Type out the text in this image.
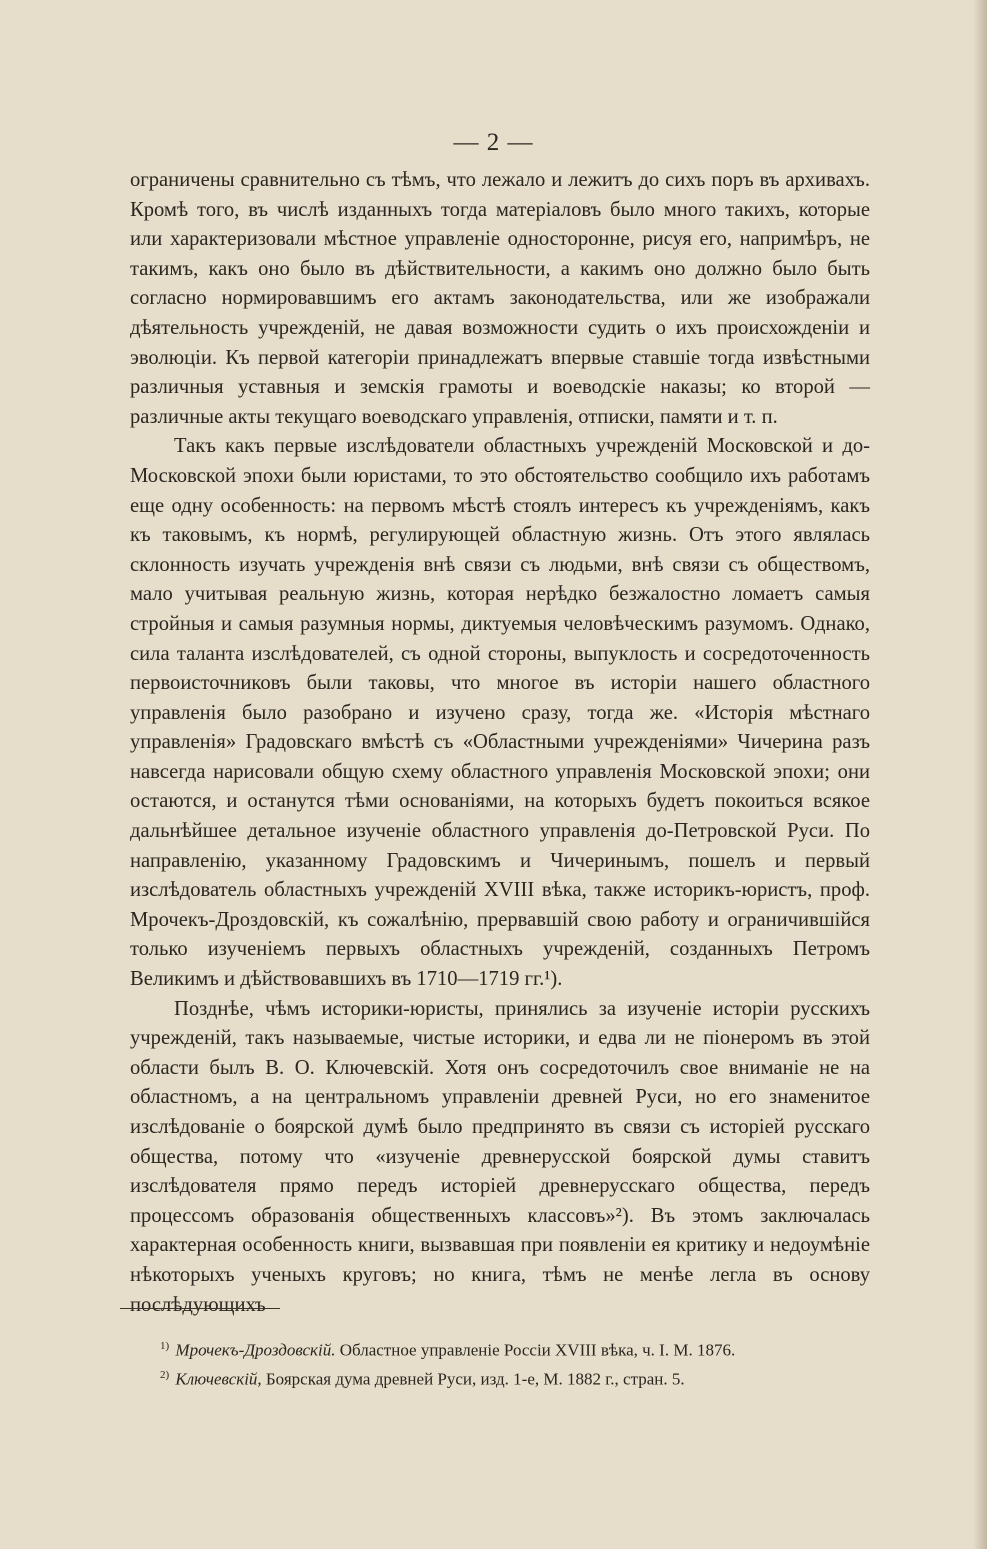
— 2 —

ограничены сравнительно съ тѣмъ, что лежало и лежитъ до сихъ поръ въ архивахъ. Кромѣ того, въ числѣ изданныхъ тогда матеріаловъ было много такихъ, которые или характеризовали мѣстное управленіе односторонне, рисуя его, напримѣръ, не такимъ, какъ оно было въ дѣйствительности, а какимъ оно должно было быть согласно нормировавшимъ его актамъ законодательства, или же изображали дѣятельность учрежденій, не давая возможности судить о ихъ происхожденіи и эволюціи. Къ первой категоріи принадлежатъ впервые ставшіе тогда извѣстными различныя уставныя и земскія грамоты и воеводскіе наказы; ко второй — различные акты текущаго воеводскаго управленія, отписки, памяти и т. п.

Такъ какъ первые изслѣдователи областныхъ учрежденій Московской и до-Московской эпохи были юристами, то это обстоятельство сообщило ихъ работамъ еще одну особенность: на первомъ мѣстѣ стоялъ интересъ къ учрежденіямъ, какъ къ таковымъ, къ нормѣ, регулирующей областную жизнь. Отъ этого являлась склонность изучать учрежденія внѣ связи съ людьми, внѣ связи съ обществомъ, мало учитывая реальную жизнь, которая нерѣдко безжалостно ломаетъ самыя стройныя и самыя разумныя нормы, диктуемыя человѣческимъ разумомъ. Однако, сила таланта изслѣдователей, съ одной стороны, выпуклость и сосредоточенность первоисточниковъ были таковы, что многое въ исторіи нашего областного управленія было разобрано и изучено сразу, тогда же. «Исторія мѣстнаго управленія» Градовскаго вмѣстѣ съ «Областными учрежденіями» Чичерина разъ навсегда нарисовали общую схему областного управленія Московской эпохи; они остаются, и останутся тѣми основаніями, на которыхъ будетъ покоиться всякое дальнѣйшее детальное изученіе областного управленія до-Петровской Руси. По направленію, указанному Градовскимъ и Чичеринымъ, пошелъ и первый изслѣдователь областныхъ учрежденій XVIII вѣка, также историкъ-юристъ, проф. Мрочекъ-Дроздовскій, къ сожалѣнію, прервавшій свою работу и ограничившійся только изученіемъ первыхъ областныхъ учрежденій, созданныхъ Петромъ Великимъ и дѣйствовавшихъ въ 1710—1719 гг.¹).

Позднѣе, чѣмъ историки-юристы, принялись за изученіе исторіи русскихъ учрежденій, такъ называемые, чистые историки, и едва ли не піонеромъ въ этой области былъ В. О. Ключевскій. Хотя онъ сосредоточилъ свое вниманіе не на областномъ, а на центральномъ управленіи древней Руси, но его знаменитое изслѣдованіе о боярской думѣ было предпринято въ связи съ исторіей русскаго общества, потому что «изученіе древнерусской боярской думы ставитъ изслѣдователя прямо передъ исторіей древнерусскаго общества, передъ процессомъ образованія общественныхъ классовъ»²). Въ этомъ заключалась характерная особенность книги, вызвавшая при появленіи ея критику и недоумѣніе нѣкоторыхъ ученыхъ круговъ; но книга, тѣмъ не менѣе легла въ основу послѣдующихъ

$^{1)}$ Мрочекъ-Дроздовскій. Областное управленіе Россіи XVIII вѣка, ч. I. М. 1876.

$^{2)}$ Ключевскій, Боярская дума древней Руси, изд. 1-е, М. 1882 г., стран. 5.
